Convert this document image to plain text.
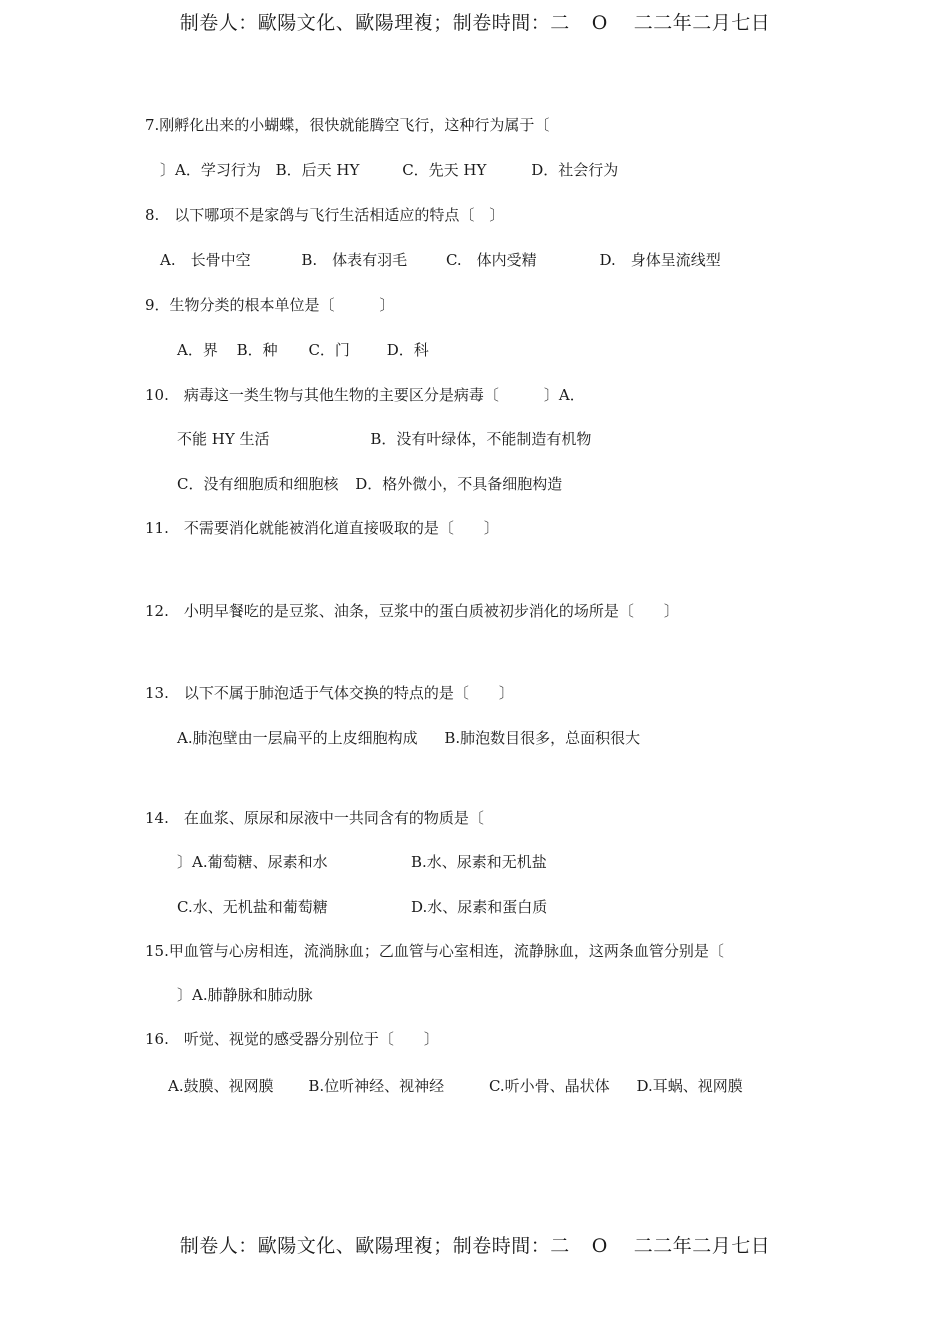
制卷人：歐陽文化、歐陽理複；制卷時間：二 O 二二年二月七日
7.刚孵化出来的小蝴蝶，很快就能腾空飞行，这种行为属于〔
〕A．学习行为 B．后天 HY	C．先天 HY	D．社会行为
8.　以下哪项不是家鸽与飞行生活相适应的特点〔　〕
A.　长骨中空	B.　体表有羽毛	C.　体内受精	D.　身体呈流线型
9．生物分类的根本单位是〔　　　〕
A．界 B．种 C．门 D．科
10.　病毒这一类生物与其他生物的主要区分是病毒〔　　　〕A．
不能 HY 生活	B．没有叶绿体，不能制造有机物
C．没有细胞质和细胞核 D．格外微小，不具备细胞构造
11.　不需要消化就能被消化道直接吸取的是〔　　〕
12.　小明早餐吃的是豆浆、油条，豆浆中的蛋白质被初步消化的场所是〔　　〕
13.　以下不属于肺泡适于气体交换的特点的是〔　　〕
A.肺泡壁由一层扁平的上皮细胞构成 B.肺泡数目很多，总面积很大
14.　在血浆、原尿和尿液中一共同含有的物质是〔
〕A.葡萄糖、尿素和水	B.水、尿素和无机盐
C.水、无机盐和葡萄糖	D.水、尿素和蛋白质
15.甲血管与心房相连，流淌脉血；乙血管与心室相连，流静脉血，这两条血管分别是〔
〕A.肺静脉和肺动脉
16.　听觉、视觉的感受器分别位于〔　　〕
A.鼓膜、视网膜 B.位听神经、视神经	C.听小骨、晶状体 D.耳蜗、视网膜
制卷人：歐陽文化、歐陽理複；制卷時間：二 O 二二年二月七日
